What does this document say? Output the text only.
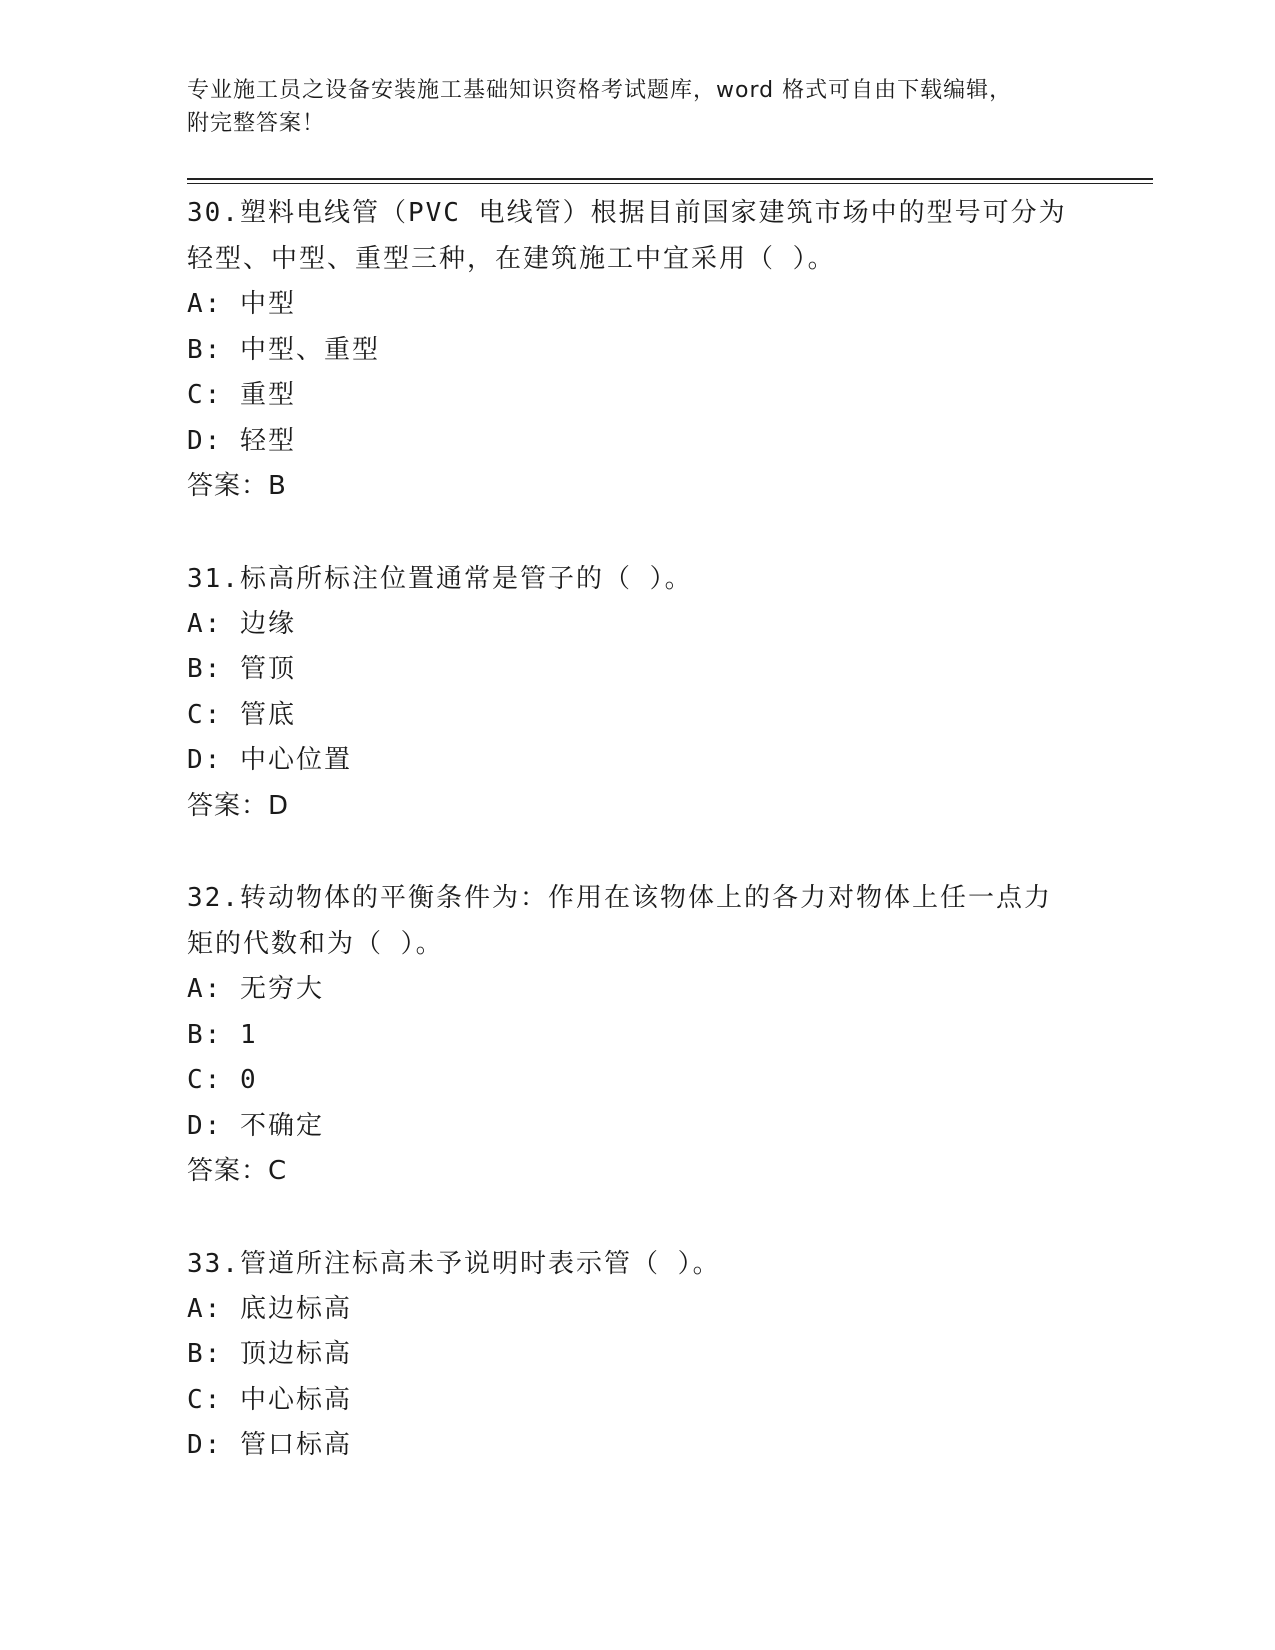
专业施工员之设备安装施工基础知识资格考试题库，word 格式可自由下载编辑，
附完整答案！
30.塑料电线管（PVC 电线管）根据目前国家建筑市场中的型号可分为
轻型、中型、重型三种，在建筑施工中宜采用（ ）。
A: 中型
B: 中型、重型
C: 重型
D: 轻型
答案：B
31.标高所标注位置通常是管子的（ ）。
A: 边缘
B: 管顶
C: 管底
D: 中心位置
答案：D
32.转动物体的平衡条件为：作用在该物体上的各力对物体上任一点力
矩的代数和为（ ）。
A: 无穷大
B: 1
C: 0
D: 不确定
答案：C
33.管道所注标高未予说明时表示管（ ）。
A: 底边标高
B: 顶边标高
C: 中心标高
D: 管口标高
